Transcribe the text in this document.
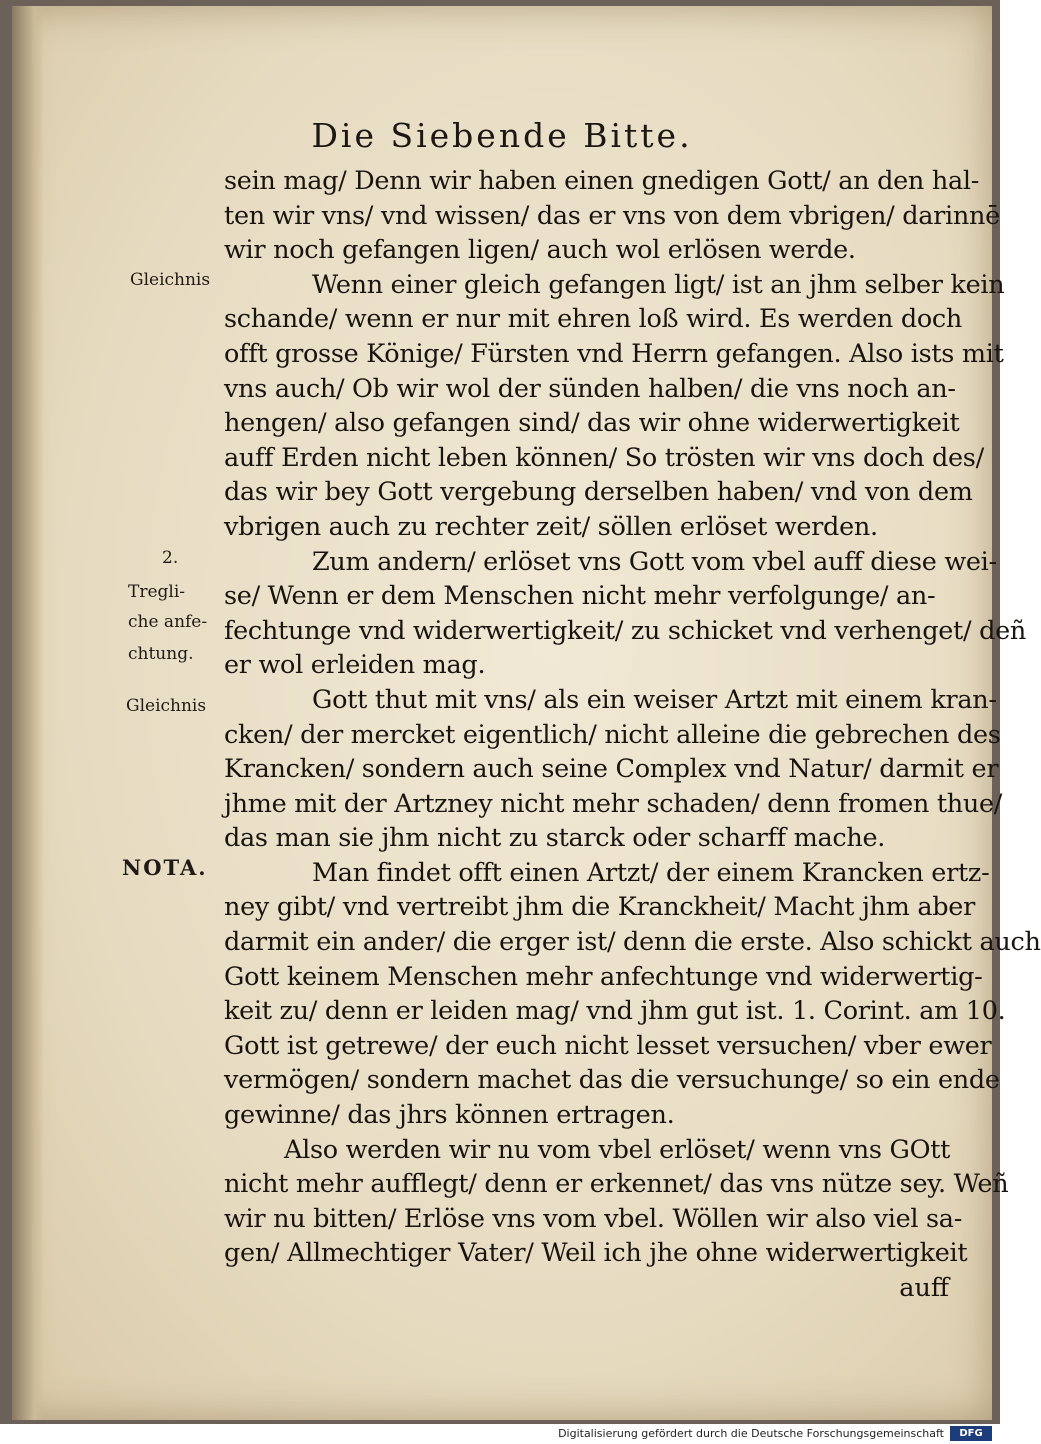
Die Siebende Bitte.
sein mag/ Denn wir haben einen gnedigen Gott/ an den hal-
ten wir vns/ vnd wissen/ das er vns von dem vbrigen/ darinnē
wir noch gefangen ligen/ auch wol erlösen werde.
Wenn einer gleich gefangen ligt/ ist an jhm selber kein
schande/ wenn er nur mit ehren loß wird. Es werden doch
offt grosse Könige/ Fürsten vnd Herrn gefangen. Also ists mit
vns auch/ Ob wir wol der sünden halben/ die vns noch an-
hengen/ also gefangen sind/ das wir ohne widerwertigkeit
auff Erden nicht leben können/ So trösten wir vns doch des/
das wir bey Gott vergebung derselben haben/ vnd von dem
vbrigen auch zu rechter zeit/ söllen erlöset werden.
Zum andern/ erlöset vns Gott vom vbel auff diese wei-
se/ Wenn er dem Menschen nicht mehr verfolgunge/ an-
fechtunge vnd widerwertigkeit/ zu schicket vnd verhenget/ deñ
er wol erleiden mag.
Gott thut mit vns/ als ein weiser Artzt mit einem kran-
cken/ der mercket eigentlich/ nicht alleine die gebrechen des
Krancken/ sondern auch seine Complex vnd Natur/ darmit er
jhme mit der Artzney nicht mehr schaden/ denn fromen thue/
das man sie jhm nicht zu starck oder scharff mache.
Man findet offt einen Artzt/ der einem Krancken ertz-
ney gibt/ vnd vertreibt jhm die Kranckheit/ Macht jhm aber
darmit ein ander/ die erger ist/ denn die erste. Also schickt auch
Gott keinem Menschen mehr anfechtunge vnd widerwertig-
keit zu/ denn er leiden mag/ vnd jhm gut ist. 1. Corint. am 10.
Gott ist getrewe/ der euch nicht lesset versuchen/ vber ewer
vermögen/ sondern machet das die versuchunge/ so ein ende
gewinne/ das jhrs können ertragen.
Also werden wir nu vom vbel erlöset/ wenn vns GOtt
nicht mehr aufflegt/ denn er erkennet/ das vns nütze sey. Weñ
wir nu bitten/ Erlöse vns vom vbel. Wöllen wir also viel sa-
gen/ Allmechtiger Vater/ Weil ich jhe ohne widerwertigkeit
auff
Gleichnis
2.
Tregli-
che anfe-
chtung.
Gleichnis
NOTA.
Digitalisierung gefördert durch die Deutsche Forschungsgemeinschaft	DFG
